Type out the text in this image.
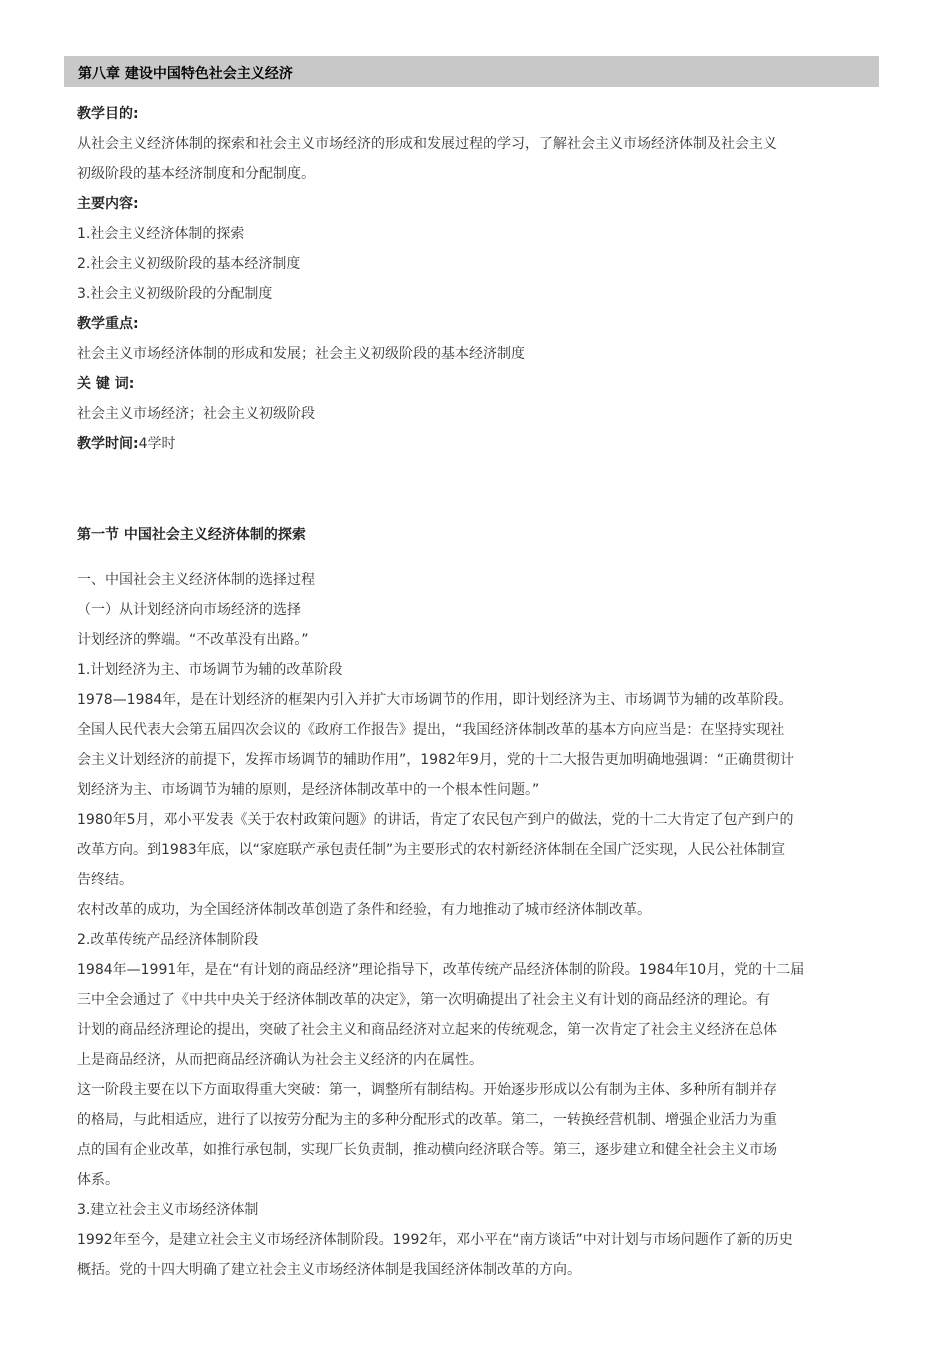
第八章 建设中国特色社会主义经济
教学目的:
从社会主义经济体制的探索和社会主义市场经济的形成和发展过程的学习，了解社会主义市场经济体制及社会主义
初级阶段的基本经济制度和分配制度。
主要内容:
1.社会主义经济体制的探索
2.社会主义初级阶段的基本经济制度
3.社会主义初级阶段的分配制度
教学重点:
社会主义市场经济体制的形成和发展；社会主义初级阶段的基本经济制度
关 键 词:
社会主义市场经济；社会主义初级阶段
教学时间:4学时
第一节 中国社会主义经济体制的探索
一、中国社会主义经济体制的选择过程
（一）从计划经济向市场经济的选择
计划经济的弊端。“不改革没有出路。”
1.计划经济为主、市场调节为辅的改革阶段
1978—1984年，是在计划经济的框架内引入并扩大市场调节的作用，即计划经济为主、市场调节为辅的改革阶段。
全国人民代表大会第五届四次会议的《政府工作报告》提出，“我国经济体制改革的基本方向应当是：在坚持实现社
会主义计划经济的前提下，发挥市场调节的辅助作用”，1982年9月，党的十二大报告更加明确地强调：“正确贯彻计
划经济为主、市场调节为辅的原则，是经济体制改革中的一个根本性问题。”
1980年5月，邓小平发表《关于农村政策问题》的讲话，肯定了农民包产到户的做法，党的十二大肯定了包产到户的
改革方向。到1983年底，以“家庭联产承包责任制”为主要形式的农村新经济体制在全国广泛实现，人民公社体制宣
告终结。
农村改革的成功，为全国经济体制改革创造了条件和经验，有力地推动了城市经济体制改革。
2.改革传统产品经济体制阶段
1984年—1991年，是在“有计划的商品经济”理论指导下，改革传统产品经济体制的阶段。1984年10月，党的十二届
三中全会通过了《中共中央关于经济体制改革的决定》，第一次明确提出了社会主义有计划的商品经济的理论。有
计划的商品经济理论的提出，突破了社会主义和商品经济对立起来的传统观念，第一次肯定了社会主义经济在总体
上是商品经济，从而把商品经济确认为社会主义经济的内在属性。
这一阶段主要在以下方面取得重大突破：第一，调整所有制结构。开始逐步形成以公有制为主体、多种所有制并存
的格局，与此相适应，进行了以按劳分配为主的多种分配形式的改革。第二，一转换经营机制、增强企业活力为重
点的国有企业改革，如推行承包制，实现厂长负责制，推动横向经济联合等。第三，逐步建立和健全社会主义市场
体系。
3.建立社会主义市场经济体制
1992年至今，是建立社会主义市场经济体制阶段。1992年，邓小平在“南方谈话”中对计划与市场问题作了新的历史
概括。党的十四大明确了建立社会主义市场经济体制是我国经济体制改革的方向。
